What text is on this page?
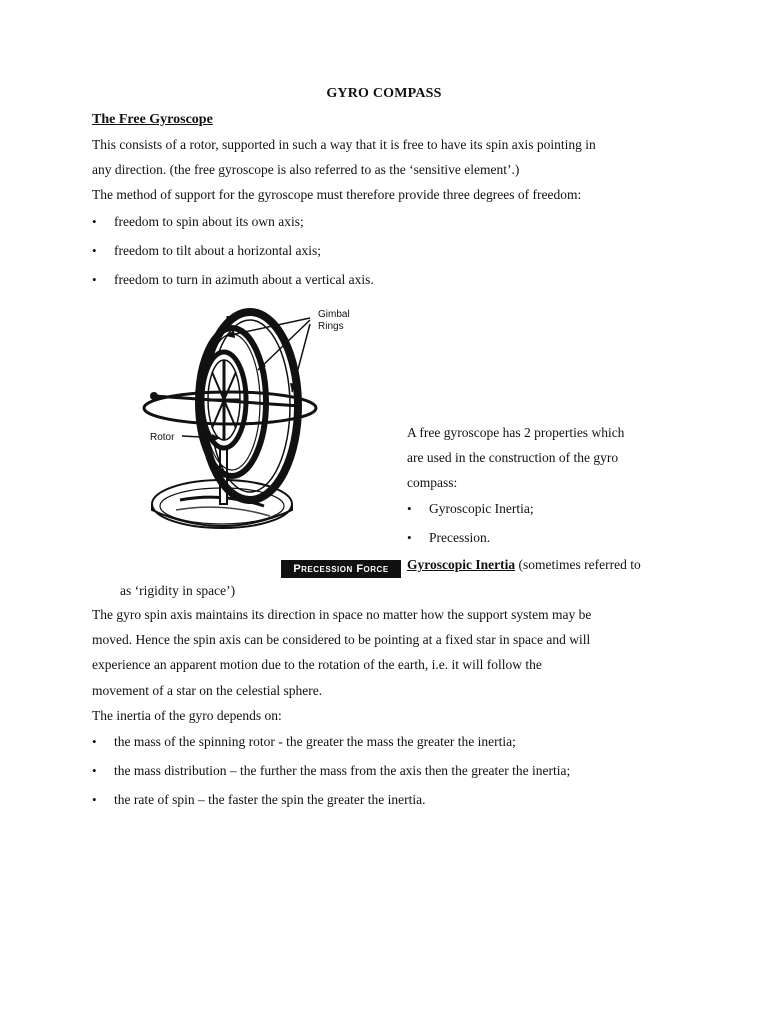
GYRO COMPASS
The Free Gyroscope
This consists of a rotor, supported in such a way that it is free to have its spin axis pointing in
any direction. (the free gyroscope is also referred to as the ‘sensitive element’.)
The method of support for the gyroscope must therefore provide three degrees of freedom:
•	freedom to spin about its own axis;
•	freedom to tilt about a horizontal axis;
•	freedom to turn in azimuth about a vertical axis.
Gimbal
Rings
Rotor	A free gyroscope has 2 properties which
are used in the construction of the gyro
compass:
•	Gyroscopic Inertia;
•	Precession.
Precession Force	Gyroscopic Inertia (sometimes referred to
as ‘rigidity in space’)
The gyro spin axis maintains its direction in space no matter how the support system may be
moved. Hence the spin axis can be considered to be pointing at a fixed star in space and will
experience an apparent motion due to the rotation of the earth, i.e. it will follow the
movement of a star on the celestial sphere.
The inertia of the gyro depends on:
•	the mass of the spinning rotor - the greater the mass the greater the inertia;
•	the mass distribution – the further the mass from the axis then the greater the inertia;
•	the rate of spin – the faster the spin the greater the inertia.
